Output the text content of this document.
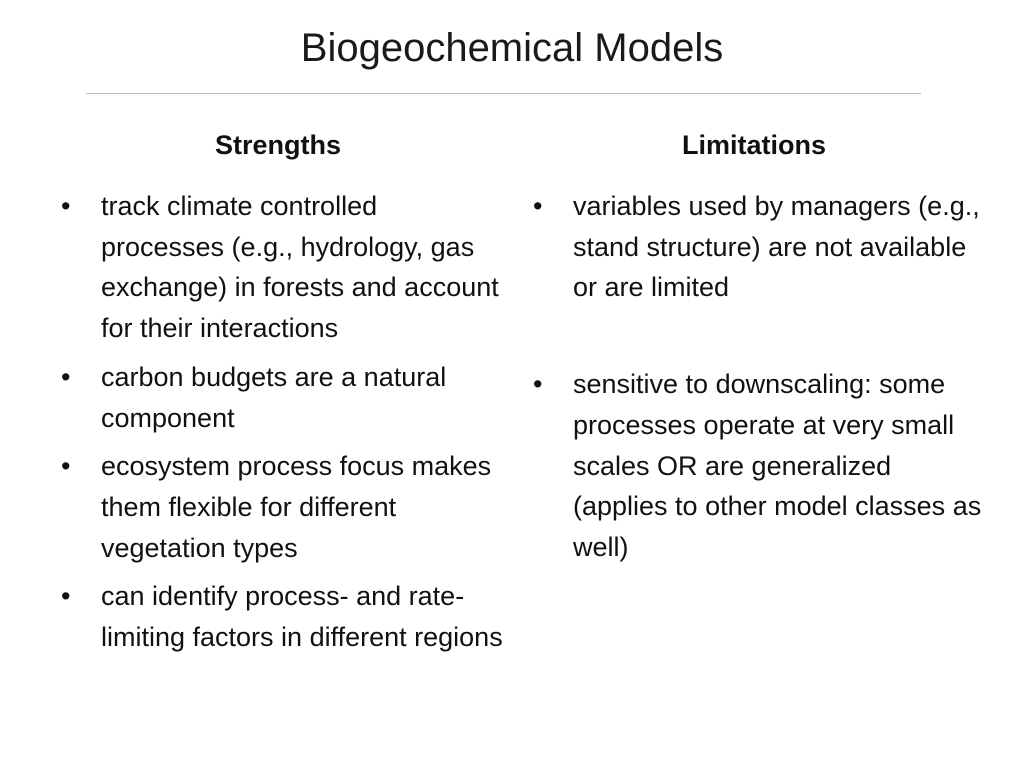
Biogeochemical Models
Strengths
• track climate controlled processes (e.g., hydrology, gas exchange) in forests and account for their interactions
• carbon budgets are a natural component
• ecosystem process focus makes them flexible for different vegetation types
• can identify process- and rate-limiting factors in different regions
Limitations
• variables used by managers (e.g., stand structure) are not available or are limited
• sensitive to downscaling: some processes operate at very small scales OR are generalized (applies to other model classes as well)
